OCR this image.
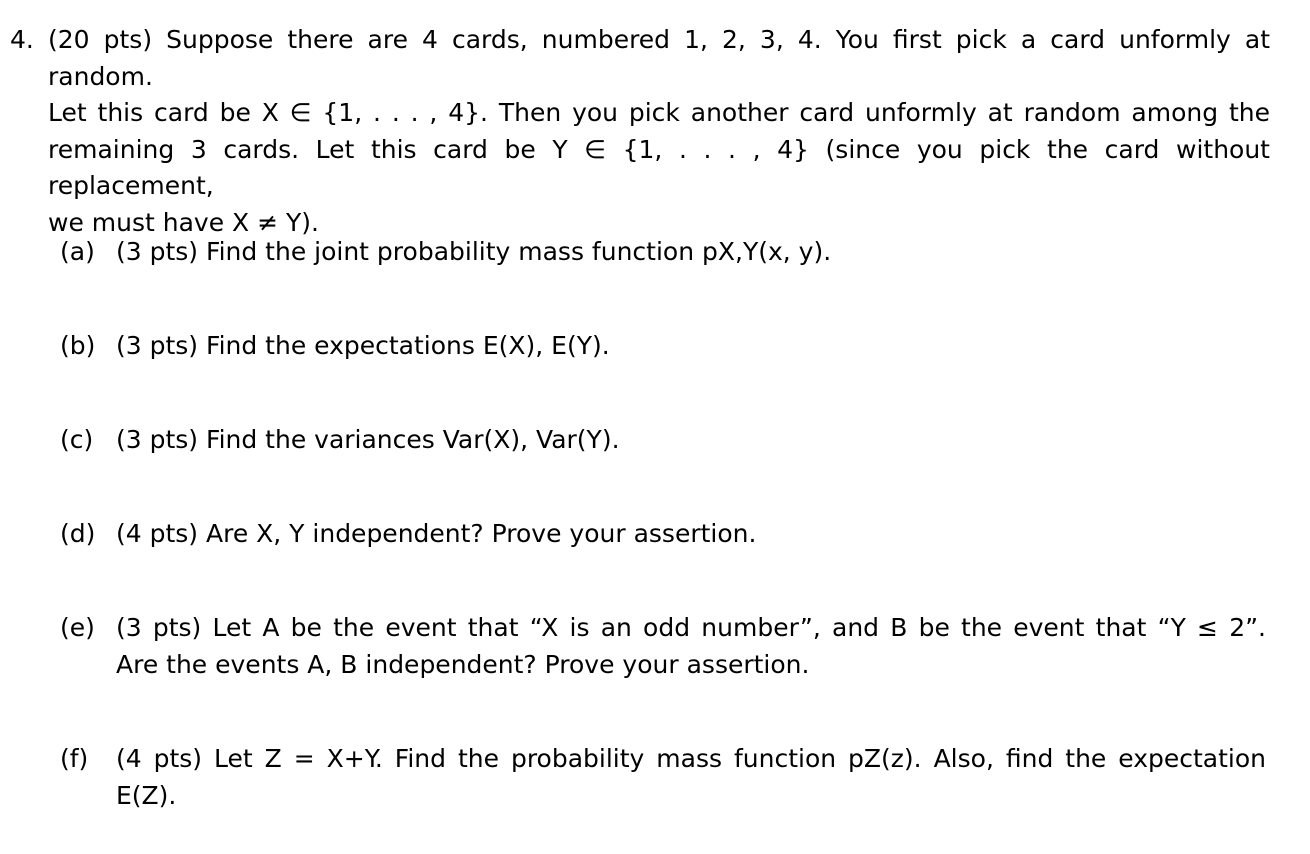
4. (20 pts) Suppose there are 4 cards, numbered 1, 2, 3, 4. You first pick a card unformly at random.
Let this card be X ∈ {1, . . . , 4}. Then you pick another card unformly at random among the
remaining 3 cards. Let this card be Y ∈ {1, . . . , 4} (since you pick the card without replacement,
we must have X ≠ Y).
(a) (3 pts) Find the joint probability mass function pX,Y(x, y).
(b) (3 pts) Find the expectations E(X), E(Y).
(c) (3 pts) Find the variances Var(X), Var(Y).
(d) (4 pts) Are X, Y independent? Prove your assertion.
(e) (3 pts) Let A be the event that “X is an odd number”, and B be the event that “Y ≤ 2”.
Are the events A, B independent? Prove your assertion.
(f)	(4 pts) Let Z = X+Y. Find the probability mass function pZ(z). Also, find the expectation
E(Z).
